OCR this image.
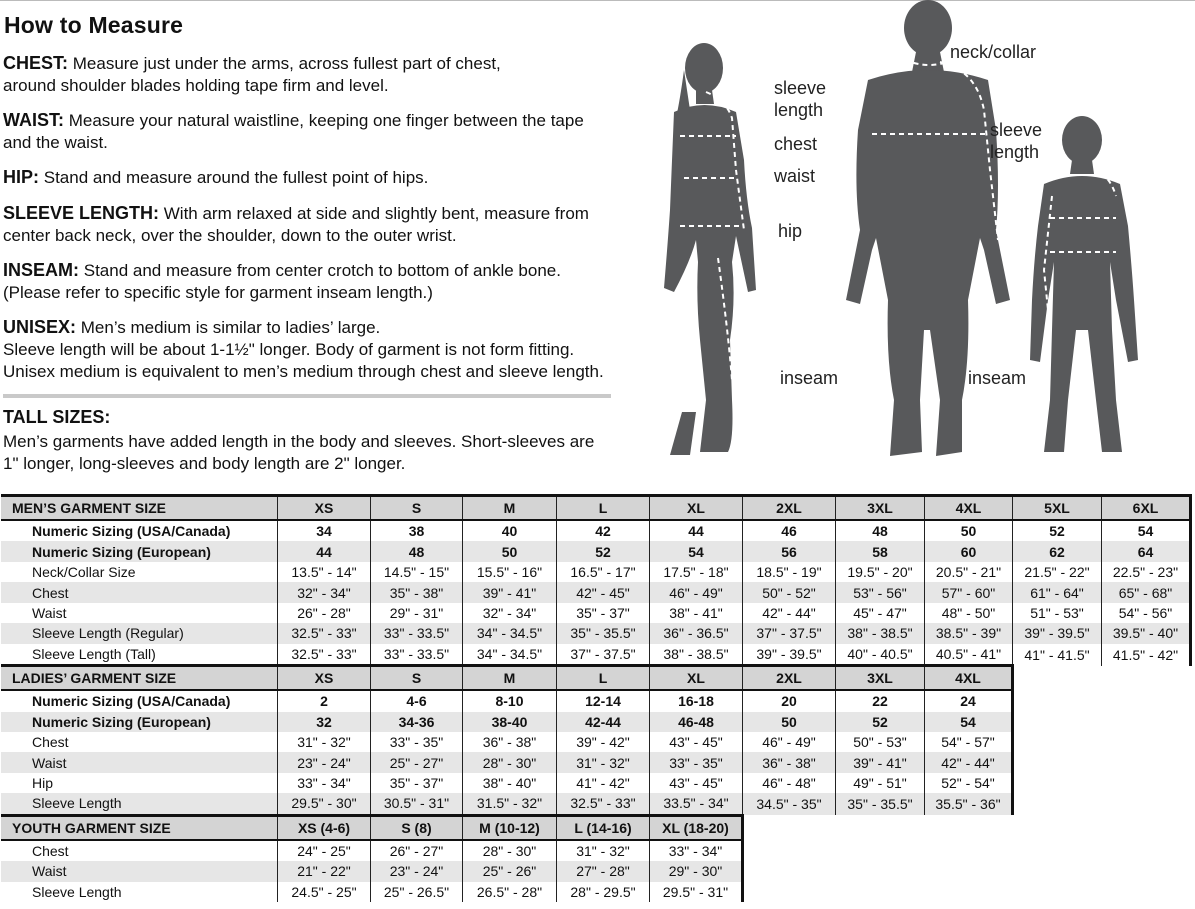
How to Measure
CHEST: Measure just under the arms, across fullest part of chest,
around shoulder blades holding tape firm and level.
WAIST: Measure your natural waistline, keeping one finger between the tape
and the waist.
HIP: Stand and measure around the fullest point of hips.
SLEEVE LENGTH: With arm relaxed at side and slightly bent, measure from
center back neck, over the shoulder, down to the outer wrist.
INSEAM: Stand and measure from center crotch to bottom of ankle bone.
(Please refer to specific style for garment inseam length.)
UNISEX: Men’s medium is similar to ladies’ large.
Sleeve length will be about 1-1½" longer. Body of garment is not form fitting.
Unisex medium is equivalent to men’s medium through chest and sleeve length.
TALL SIZES:
Men’s garments have added length in the body and sleeves. Short-sleeves are
1" longer, long-sleeves and body length are 2" longer.
sleeve
length
chest
waist
hip
inseam
neck/collar
sleeve
length
inseam
MEN’S GARMENT SIZE	XS	S	M	L	XL	2XL	3XL	4XL	5XL	6XL
Numeric Sizing (USA/Canada)	34	38	40	42	44	46	48	50	52	54
Numeric Sizing (European)	44	48	50	52	54	56	58	60	62	64
Neck/Collar Size	13.5" - 14"	14.5" - 15"	15.5" - 16"	16.5" - 17"	17.5" - 18"	18.5" - 19"	19.5" - 20"	20.5" - 21"	21.5" - 22"	22.5" - 23"
Chest	32" - 34"	35" - 38"	39" - 41"	42" - 45"	46" - 49"	50" - 52"	53" - 56"	57" - 60"	61" - 64"	65" - 68"
Waist	26" - 28"	29" - 31"	32" - 34"	35" - 37"	38" - 41"	42" - 44"	45" - 47"	48" - 50"	51" - 53"	54" - 56"
Sleeve Length (Regular)	32.5" - 33"	33" - 33.5"	34" - 34.5"	35" - 35.5"	36" - 36.5"	37" - 37.5"	38" - 38.5"	38.5" - 39"	39" - 39.5"	39.5" - 40"
Sleeve Length (Tall)	32.5" - 33"	33" - 33.5"	34" - 34.5"	37" - 37.5"	38" - 38.5"	39" - 39.5"	40" - 40.5"	40.5" - 41"	41" - 41.5"	41.5" - 42"
LADIES’ GARMENT SIZE	XS	S	M	L	XL	2XL	3XL	4XL		
Numeric Sizing (USA/Canada)	2	4-6	8-10	12-14	16-18	20	22	24		
Numeric Sizing (European)	32	34-36	38-40	42-44	46-48	50	52	54		
Chest	31" - 32"	33" - 35"	36" - 38"	39" - 42"	43" - 45"	46" - 49"	50" - 53"	54" - 57"		
Waist	23" - 24"	25" - 27"	28" - 30"	31" - 32"	33" - 35"	36" - 38"	39" - 41"	42" - 44"		
Hip	33" - 34"	35" - 37"	38" - 40"	41" - 42"	43" - 45"	46" - 48"	49" - 51"	52" - 54"		
Sleeve Length	29.5" - 30"	30.5" - 31"	31.5" - 32"	32.5" - 33"	33.5" - 34"	34.5" - 35"	35" - 35.5"	35.5" - 36"		
YOUTH GARMENT SIZE	XS (4-6)	S (8)	M (10-12)	L (14-16)	XL (18-20)					
Chest	24" - 25"	26" - 27"	28" - 30"	31" - 32"	33" - 34"					
Waist	21" - 22"	23" - 24"	25" - 26"	27" - 28"	29" - 30"					
Sleeve Length	24.5" - 25"	25" - 26.5"	26.5" - 28"	28" - 29.5"	29.5" - 31"					
